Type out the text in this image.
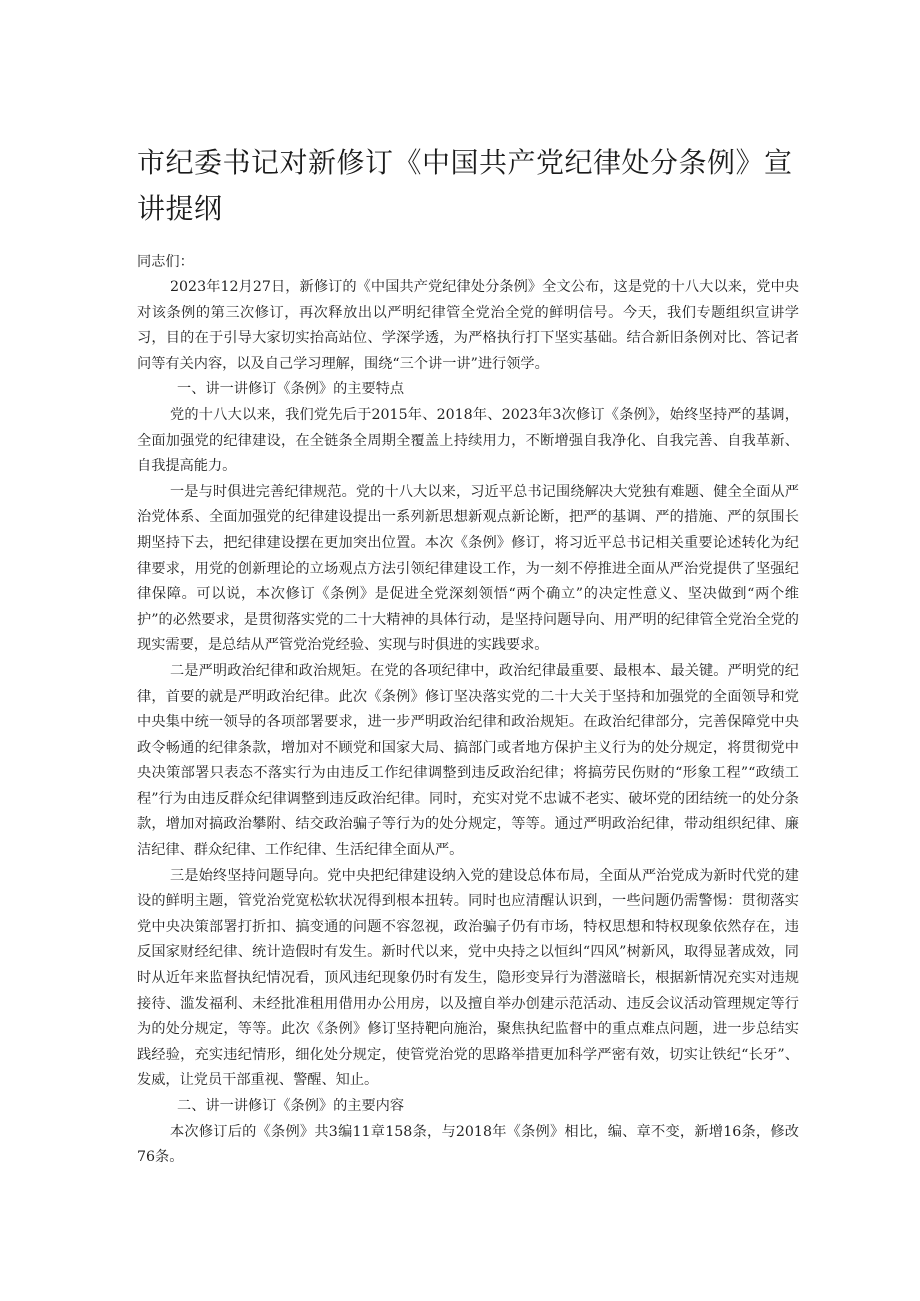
市纪委书记对新修订《中国共产党纪律处分条例》宣讲提纲

同志们：

2023年12月27日，新修订的《中国共产党纪律处分条例》全文公布，这是党的十八大以来，党中央对该条例的第三次修订，再次释放出以严明纪律管全党治全党的鲜明信号。今天，我们专题组织宣讲学习，目的在于引导大家切实抬高站位、学深学透，为严格执行打下坚实基础。结合新旧条例对比、答记者问等有关内容，以及自己学习理解，围绕“三个讲一讲”进行领学。

一、讲一讲修订《条例》的主要特点

党的十八大以来，我们党先后于2015年、2018年、2023年3次修订《条例》，始终坚持严的基调，全面加强党的纪律建设，在全链条全周期全覆盖上持续用力，不断增强自我净化、自我完善、自我革新、自我提高能力。

一是与时俱进完善纪律规范。党的十八大以来，习近平总书记围绕解决大党独有难题、健全全面从严治党体系、全面加强党的纪律建设提出一系列新思想新观点新论断，把严的基调、严的措施、严的氛围长期坚持下去，把纪律建设摆在更加突出位置。本次《条例》修订，将习近平总书记相关重要论述转化为纪律要求，用党的创新理论的立场观点方法引领纪律建设工作，为一刻不停推进全面从严治党提供了坚强纪律保障。可以说，本次修订《条例》是促进全党深刻领悟“两个确立”的决定性意义、坚决做到“两个维护”的必然要求，是贯彻落实党的二十大精神的具体行动，是坚持问题导向、用严明的纪律管全党治全党的现实需要，是总结从严管党治党经验、实现与时俱进的实践要求。

二是严明政治纪律和政治规矩。在党的各项纪律中，政治纪律最重要、最根本、最关键。严明党的纪律，首要的就是严明政治纪律。此次《条例》修订坚决落实党的二十大关于坚持和加强党的全面领导和党中央集中统一领导的各项部署要求，进一步严明政治纪律和政治规矩。在政治纪律部分，完善保障党中央政令畅通的纪律条款，增加对不顾党和国家大局、搞部门或者地方保护主义行为的处分规定，将贯彻党中央决策部署只表态不落实行为由违反工作纪律调整到违反政治纪律；将搞劳民伤财的“形象工程”“政绩工程”行为由违反群众纪律调整到违反政治纪律。同时，充实对党不忠诚不老实、破坏党的团结统一的处分条款，增加对搞政治攀附、结交政治骗子等行为的处分规定，等等。通过严明政治纪律，带动组织纪律、廉洁纪律、群众纪律、工作纪律、生活纪律全面从严。

三是始终坚持问题导向。党中央把纪律建设纳入党的建设总体布局，全面从严治党成为新时代党的建设的鲜明主题，管党治党宽松软状况得到根本扭转。同时也应清醒认识到，一些问题仍需警惕：贯彻落实党中央决策部署打折扣、搞变通的问题不容忽视，政治骗子仍有市场，特权思想和特权现象依然存在，违反国家财经纪律、统计造假时有发生。新时代以来，党中央持之以恒纠“四风”树新风，取得显著成效，同时从近年来监督执纪情况看，顶风违纪现象仍时有发生，隐形变异行为潜滋暗长，根据新情况充实对违规接待、滥发福利、未经批准租用借用办公用房，以及擅自举办创建示范活动、违反会议活动管理规定等行为的处分规定，等等。此次《条例》修订坚持靶向施治，聚焦执纪监督中的重点难点问题，进一步总结实践经验，充实违纪情形，细化处分规定，使管党治党的思路举措更加科学严密有效，切实让铁纪“长牙”、发威，让党员干部重视、警醒、知止。

二、讲一讲修订《条例》的主要内容

本次修订后的《条例》共3编11章158条，与2018年《条例》相比，编、章不变，新增16条，修改76条。
